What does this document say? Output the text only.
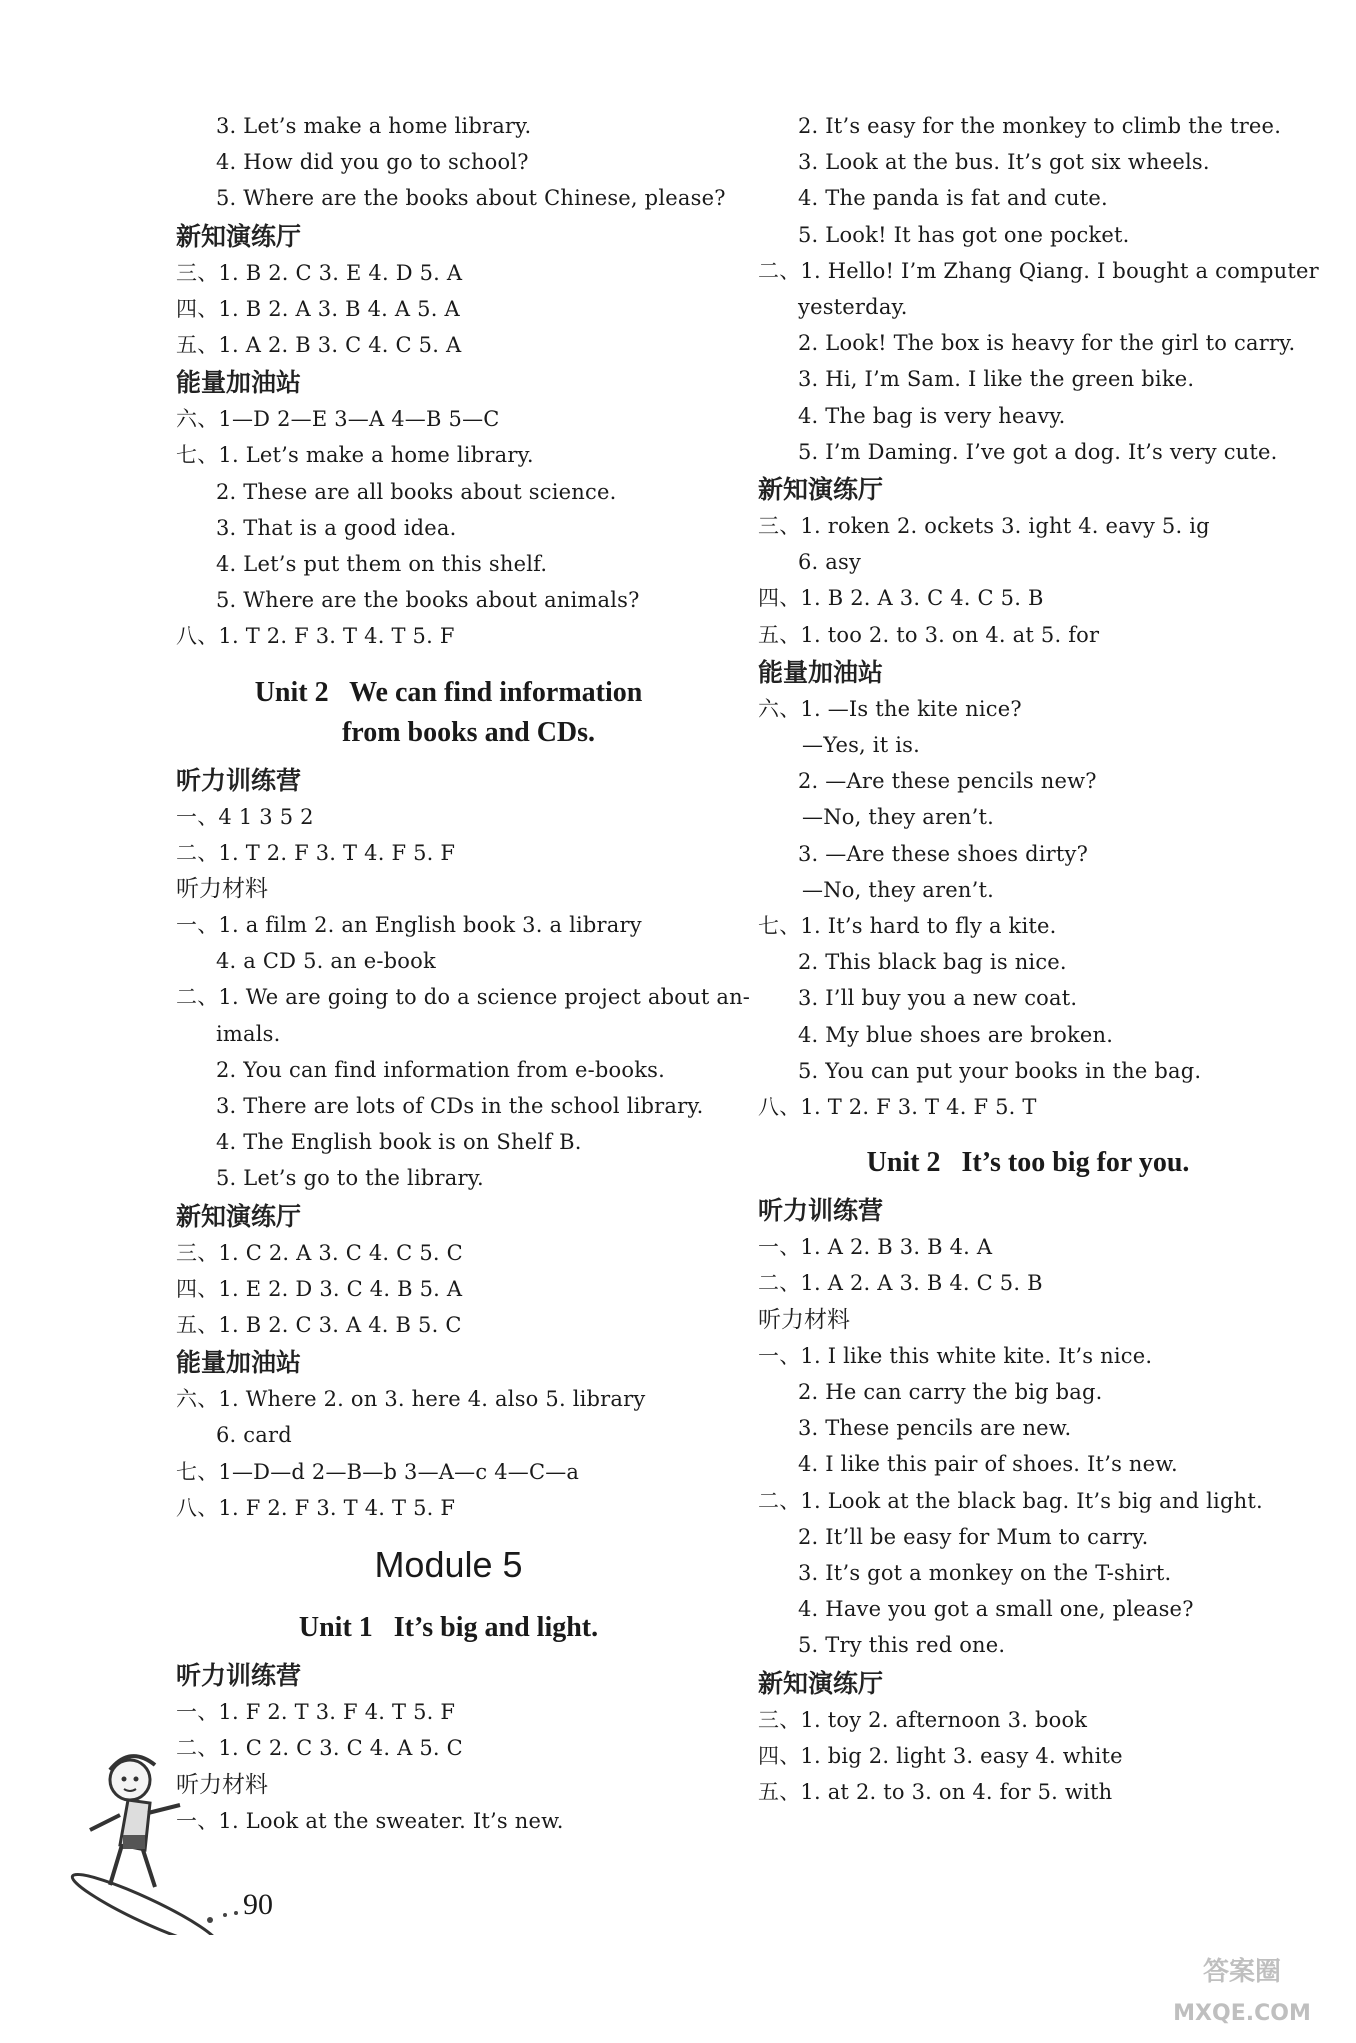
3. Let’s make a home library.
4. How did you go to school?
5. Where are the books about Chinese, please?
新知演练厅
三、1. B 2. C 3. E 4. D 5. A
四、1. B 2. A 3. B 4. A 5. A
五、1. A 2. B 3. C 4. C 5. A
能量加油站
六、1—D 2—E 3—A 4—B 5—C
七、1. Let’s make a home library.
2. These are all books about science.
3. That is a good idea.
4. Let’s put them on this shelf.
5. Where are the books about animals?
八、1. T 2. F 3. T 4. T 5. F
Unit 2   We can find information
from books and CDs.
听力训练营
一、4 1 3 5 2
二、1. T 2. F 3. T 4. F 5. F
听力材料
一、1. a film 2. an English book 3. a library
4. a CD 5. an e-book
二、1. We are going to do a science project about an-
imals.
2. You can find information from e-books.
3. There are lots of CDs in the school library.
4. The English book is on Shelf B.
5. Let’s go to the library.
新知演练厅
三、1. C 2. A 3. C 4. C 5. C
四、1. E 2. D 3. C 4. B 5. A
五、1. B 2. C 3. A 4. B 5. C
能量加油站
六、1. Where 2. on 3. here 4. also 5. library
6. card
七、1—D—d 2—B—b 3—A—c 4—C—a
八、1. F 2. F 3. T 4. T 5. F
Module 5
Unit 1   It’s big and light.
听力训练营
一、1. F 2. T 3. F 4. T 5. F
二、1. C 2. C 3. C 4. A 5. C
听力材料
一、1. Look at the sweater. It’s new.
2. It’s easy for the monkey to climb the tree.
3. Look at the bus. It’s got six wheels.
4. The panda is fat and cute.
5. Look! It has got one pocket.
二、1. Hello! I’m Zhang Qiang. I bought a computer
yesterday.
2. Look! The box is heavy for the girl to carry.
3. Hi, I’m Sam. I like the green bike.
4. The bag is very heavy.
5. I’m Daming. I’ve got a dog. It’s very cute.
新知演练厅
三、1. roken 2. ockets 3. ight 4. eavy 5. ig
6. asy
四、1. B 2. A 3. C 4. C 5. B
五、1. too 2. to 3. on 4. at 5. for
能量加油站
六、1. —Is the kite nice?
—Yes, it is.
2. —Are these pencils new?
—No, they aren’t.
3. —Are these shoes dirty?
—No, they aren’t.
七、1. It’s hard to fly a kite.
2. This black bag is nice.
3. I’ll buy you a new coat.
4. My blue shoes are broken.
5. You can put your books in the bag.
八、1. T 2. F 3. T 4. F 5. T
Unit 2   It’s too big for you.
听力训练营
一、1. A 2. B 3. B 4. A
二、1. A 2. A 3. B 4. C 5. B
听力材料
一、1. I like this white kite. It’s nice.
2. He can carry the big bag.
3. These pencils are new.
4. I like this pair of shoes. It’s new.
二、1. Look at the black bag. It’s big and light.
2. It’ll be easy for Mum to carry.
3. It’s got a monkey on the T-shirt.
4. Have you got a small one, please?
5. Try this red one.
新知演练厅
三、1. toy 2. afternoon 3. book
四、1. big 2. light 3. easy 4. white
五、1. at 2. to 3. on 4. for 5. with
90
答案圈
MXQE.COM
